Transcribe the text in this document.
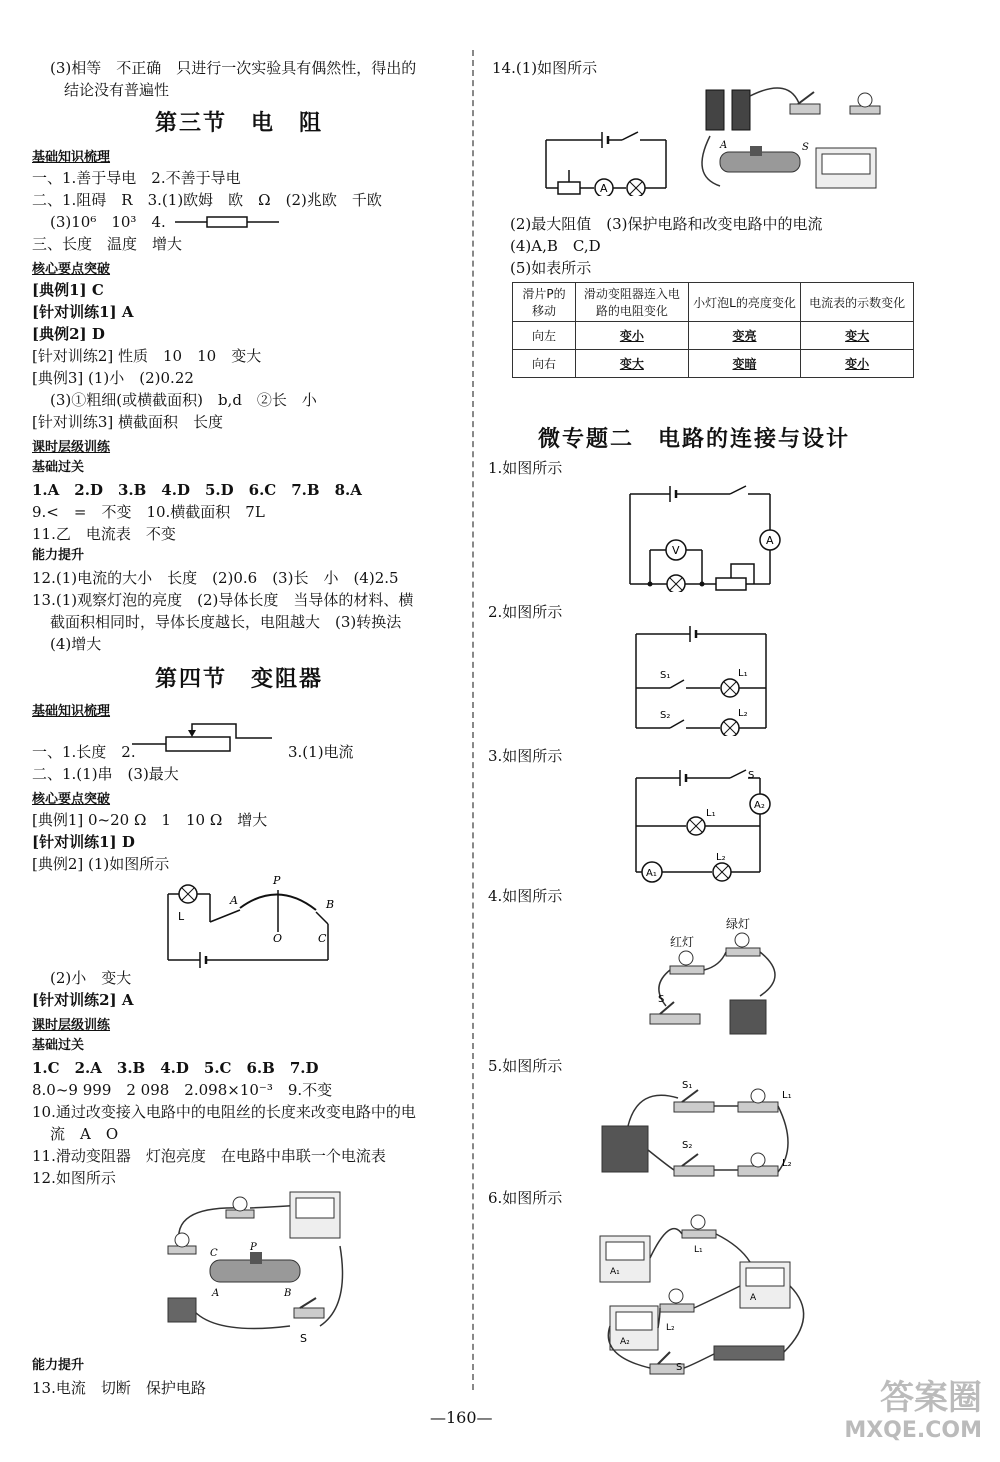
(3)相等　不正确　只进行一次实验具有偶然性，得出的
结论没有普遍性
第三节　电　阻
基础知识梳理
一、1.善于导电　2.不善于导电
二、1.阻碍　R　3.(1)欧姆　欧　Ω　(2)兆欧　千欧
(3)10⁶　10³　4.
三、长度　温度　增大
核心要点突破
[典例1] C
[针对训练1] A
[典例2] D
[针对训练2] 性质　10　10　变大
[典例3] (1)小　(2)0.22
(3)①粗细(或横截面积)　b,d　②长　小
[针对训练3] 横截面积　长度
课时层级训练
基础过关
1.A　2.D　3.B　4.D　5.D　6.C　7.B　8.A
9.<　=　不变　10.横截面积　7L
11.乙　电流表　不变
能力提升
12.(1)电流的大小　长度　(2)0.6　(3)长　小　(4)2.5
13.(1)观察灯泡的亮度　(2)导体长度　当导体的材料、横
截面积相同时，导体长度越长，电阻越大　(3)转换法
(4)增大
第四节　变阻器
基础知识梳理
一、1.长度　2.	3.(1)电流
二、1.(1)串　(3)最大
核心要点突破
[典例1] 0~20 Ω　1　10 Ω　增大
[针对训练1] D
[典例2] (1)如图所示
L
A
P
B
O	C
(2)小　变大
[针对训练2] A
课时层级训练
基础过关
1.C　2.A　3.B　4.D　5.C　6.B　7.D
8.0~9 999　2 098　2.098×10⁻³　9.不变
10.通过改变接入电路中的电阻丝的长度来改变电路中的电
流　A　O
11.滑动变阻器　灯泡亮度　在电路中串联一个电流表
12.如图所示
P
A	B
C
S
能力提升
13.电流　切断　保护电路
14.(1)如图所示
A
A	S
(2)最大阻值　(3)保护电路和改变电路中的电流
(4)A,B　C,D
(5)如表所示
滑片P的移动	滑动变阻器连入电路的电阻变化	小灯泡L的亮度变化	电流表的示数变化
向左	变小	变亮	变大
向右	变大	变暗	变小
微专题二　电路的连接与设计
1.如图所示
A
V
2.如图所示
S₁	L₁
S₂	L₂
3.如图所示
A₂
A₁
S
L₁
L₂
4.如图所示
红灯
绿灯
S
5.如图所示
S₁
L₁
S₂
L₂
6.如图所示
A₁
A₂
A
L₁
L₂
S
—160—	答案圈
MXQE.COM
